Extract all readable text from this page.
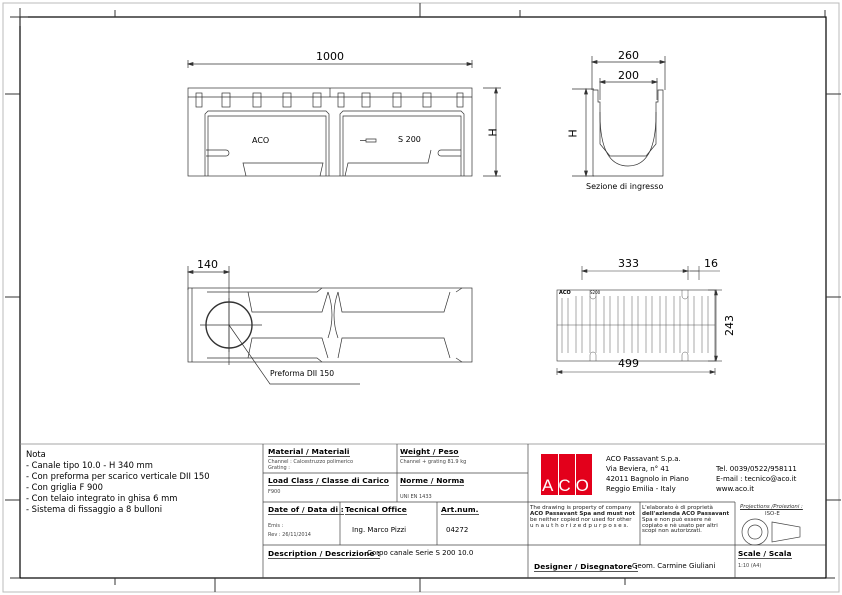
1000
H
ACO	S 200
260
200
H
Sezione di ingresso
140
Preforma DII 150
333	16
243
499
ACO	S200
Nota
- Canale tipo 10.0 - H 340 mm
- Con preforma per scarico verticale DII 150
- Con griglia F 900
- Con telaio integrato in ghisa 6 mm
- Sistema di fissaggio a 8 bulloni
Material / Materiali
Channel : Calcestruzzo polimerico
Grating :
Weight / Peso
Channel + grating 81.9 kg
Load Class / Classe di Carico
F900
Norme / Norma
UNI EN 1433
Date of / Data di :
Emis :
Rev : 26/11/2014
Tecnical Office
Ing. Marco Pizzi
Art.num.
04272
Description / Descrizione :
Corpo canale Serie S 200 10.0
ACO
ACO Passavant S.p.a.
Via Beviera, n° 41
42011 Bagnolo in Piano
Reggio Emilia - Italy
Tel. 0039/0522/958111
E-mail : tecnico@aco.it
www.aco.it
The drawing is property of company
ACO Passavant Spa and must not
be neither copied nor used for other
u n a u t h o r i z e d p u r p o s e s.
L'elaborato è di proprietà
dell'azienda ACO Passavant
Spa e non può essere nè
copiato e nè usato per altri
scopi non autorizzati.
Projections /Proiezioni :
ISO-E
Designer / Disegnatore :
Geom. Carmine Giuliani
Scale / Scala
1:10 (A4)
